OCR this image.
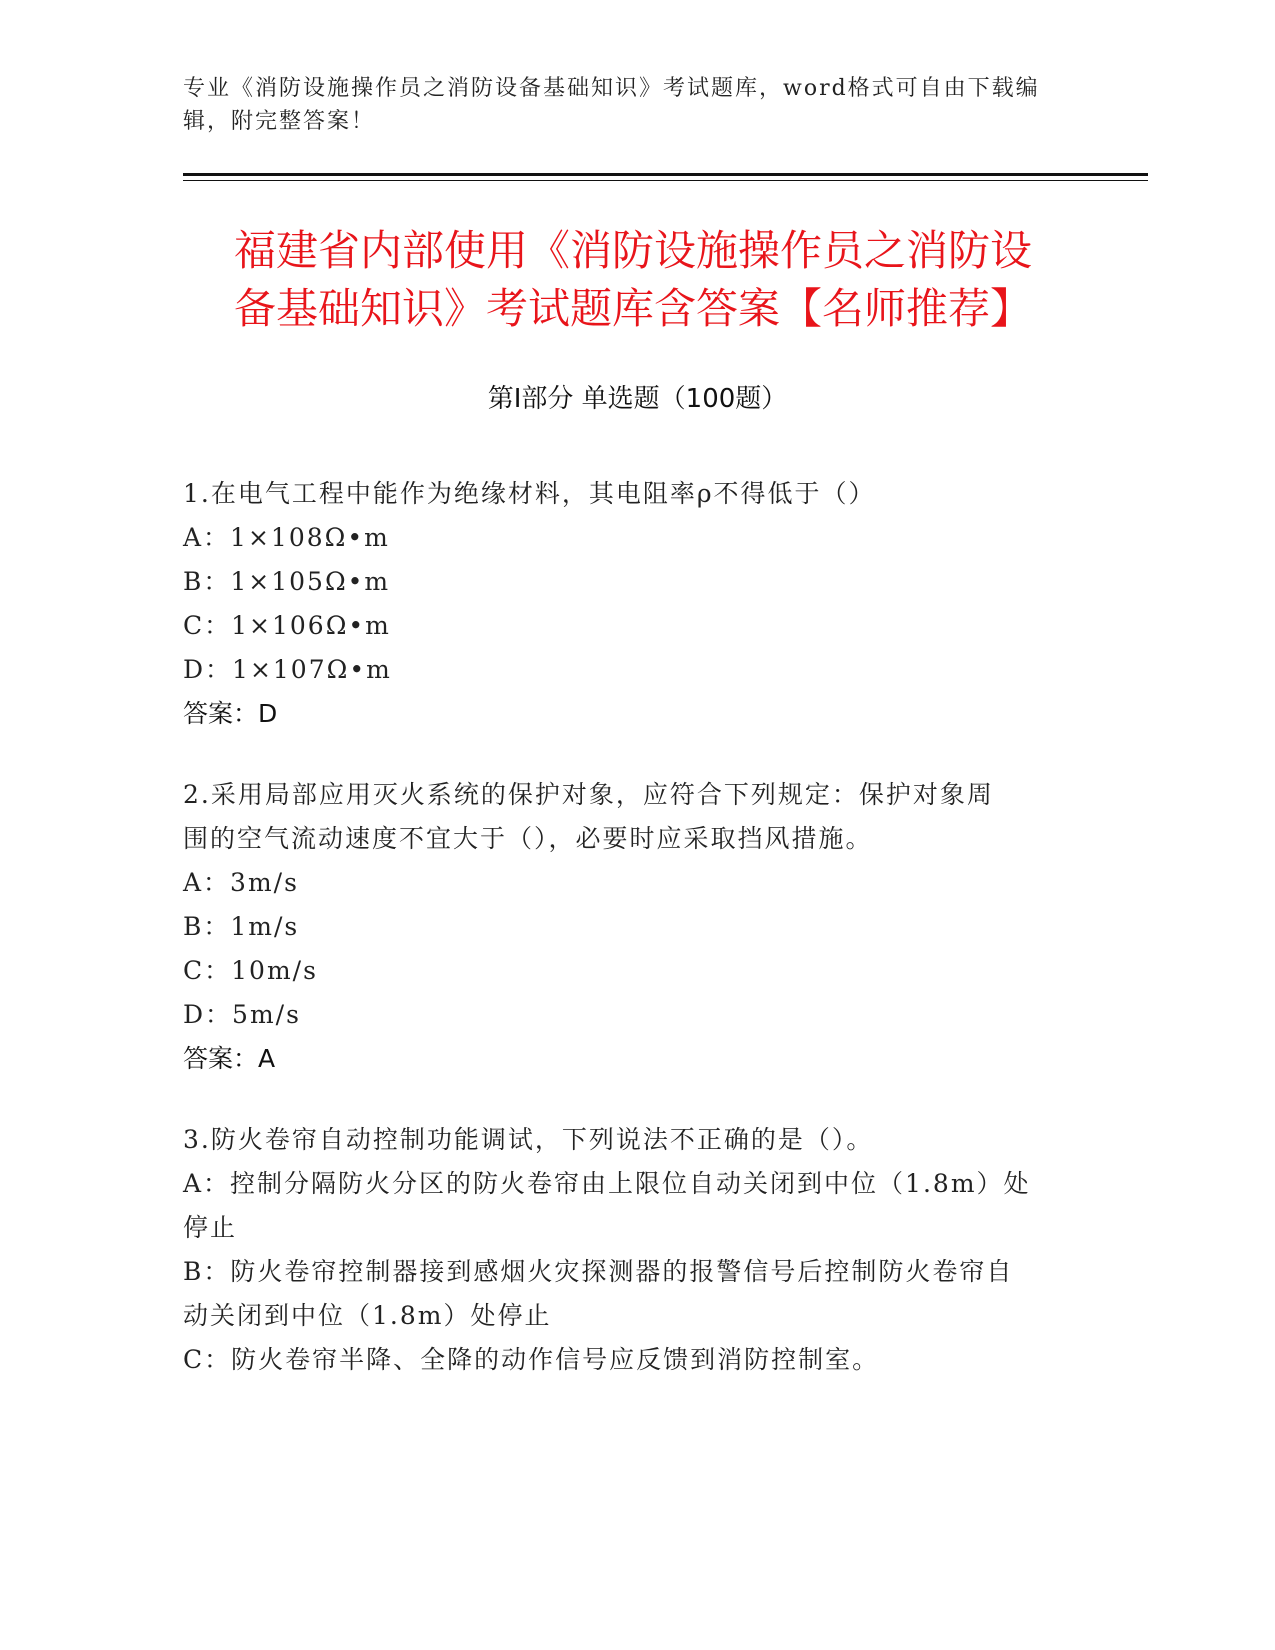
专业《消防设施操作员之消防设备基础知识》考试题库，word格式可自由下载编
辑，附完整答案！
福建省内部使用《消防设施操作员之消防设
备基础知识》考试题库含答案【名师推荐】
第Ⅰ部分 单选题（100题）

1.在电气工程中能作为绝缘材料，其电阻率ρ不得低于（）

A：1×108Ω•m

B：1×105Ω•m

C：1×106Ω•m

D：1×107Ω•m

答案：D

2.采用局部应用灭火系统的保护对象，应符合下列规定：保护对象周

围的空气流动速度不宜大于（），必要时应采取挡风措施。

A：3m/s

B：1m/s

C：10m/s

D：5m/s

答案：A

3.防火卷帘自动控制功能调试，下列说法不正确的是（）。

A：控制分隔防火分区的防火卷帘由上限位自动关闭到中位（1.8m）处

停止

B：防火卷帘控制器接到感烟火灾探测器的报警信号后控制防火卷帘自

动关闭到中位（1.8m）处停止

C：防火卷帘半降、全降的动作信号应反馈到消防控制室。
